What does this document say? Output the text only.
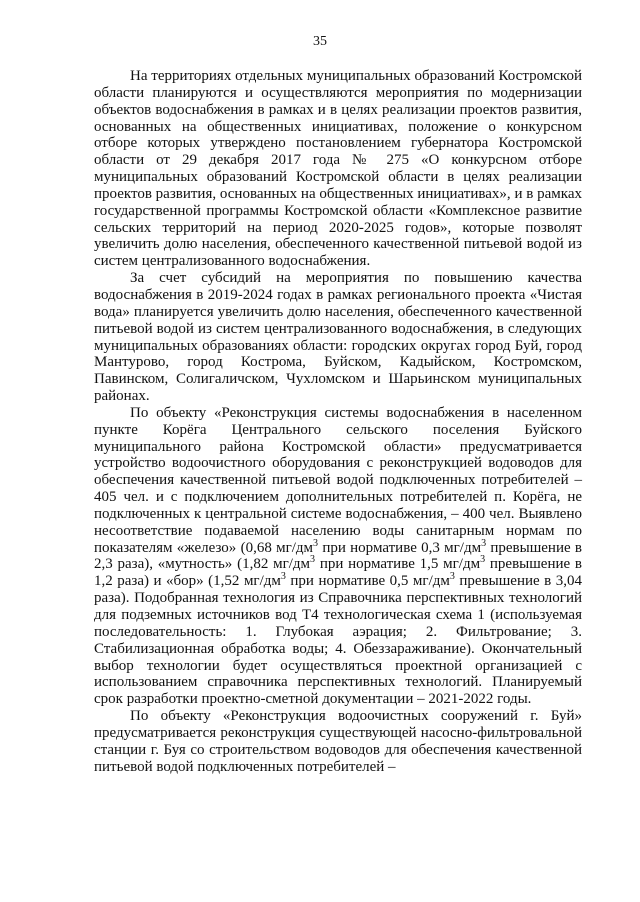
35

На территориях отдельных муниципальных образований Костромской области планируются и осуществляются мероприятия по модернизации объектов водоснабжения в рамках и в целях реализации проектов развития, основанных на общественных инициативах, положение о конкурсном отборе которых утверждено постановлением губернатора Костромской области от 29 декабря 2017 года № 275 «О конкурсном отборе муниципальных образований Костромской области в целях реализации проектов развития, основанных на общественных инициативах», и в рамках государственной программы Костромской области «Комплексное развитие сельских территорий на период 2020-2025 годов», которые позволят увеличить долю населения, обеспеченного качественной питьевой водой из систем централизованного водоснабжения.

За счет субсидий на мероприятия по повышению качества водоснабжения в 2019-2024 годах в рамках регионального проекта «Чистая вода» планируется увеличить долю населения, обеспеченного качественной питьевой водой из систем централизованного водоснабжения, в следующих муниципальных образованиях области: городских округах город Буй, город Мантурово, город Кострома, Буйском, Кадыйском, Костромском, Павинском, Солигаличском, Чухломском и Шарьинском муниципальных районах.

По объекту «Реконструкция системы водоснабжения в населенном пункте Корёга Центрального сельского поселения Буйского муниципального района Костромской области» предусматривается устройство водоочистного оборудования с реконструкцией водоводов для обеспечения качественной питьевой водой подключенных потребителей – 405 чел. и с подключением дополнительных потребителей п. Корёга, не подключенных к центральной системе водоснабжения, – 400 чел. Выявлено несоответствие подаваемой населению воды санитарным нормам по показателям «железо» (0,68 $мг/дм^3$ при нормативе 0,3 $мг/дм^3$ превышение в 2,3 раза), «мутность» (1,82 $мг/дм^3$ при нормативе 1,5 $мг/дм^3$ превышение в 1,2 раза) и «бор» (1,52 $мг/дм^3$ при нормативе 0,5 $мг/дм^3$ превышение в 3,04 раза). Подобранная технология из Справочника перспективных технологий для подземных источников вод Т4 технологическая схема 1 (используемая последовательность: 1. Глубокая аэрация; 2. Фильтрование; 3. Стабилизационная обработка воды; 4. Обеззараживание). Окончательный выбор технологии будет осуществляться проектной организацией с использованием справочника перспективных технологий. Планируемый срок разработки проектно-сметной документации – 2021-2022 годы.

По объекту «Реконструкция водоочистных сооружений г. Буй» предусматривается реконструкция существующей насосно-фильтровальной станции г. Буя со строительством водоводов для обеспечения качественной питьевой водой подключенных потребителей –
